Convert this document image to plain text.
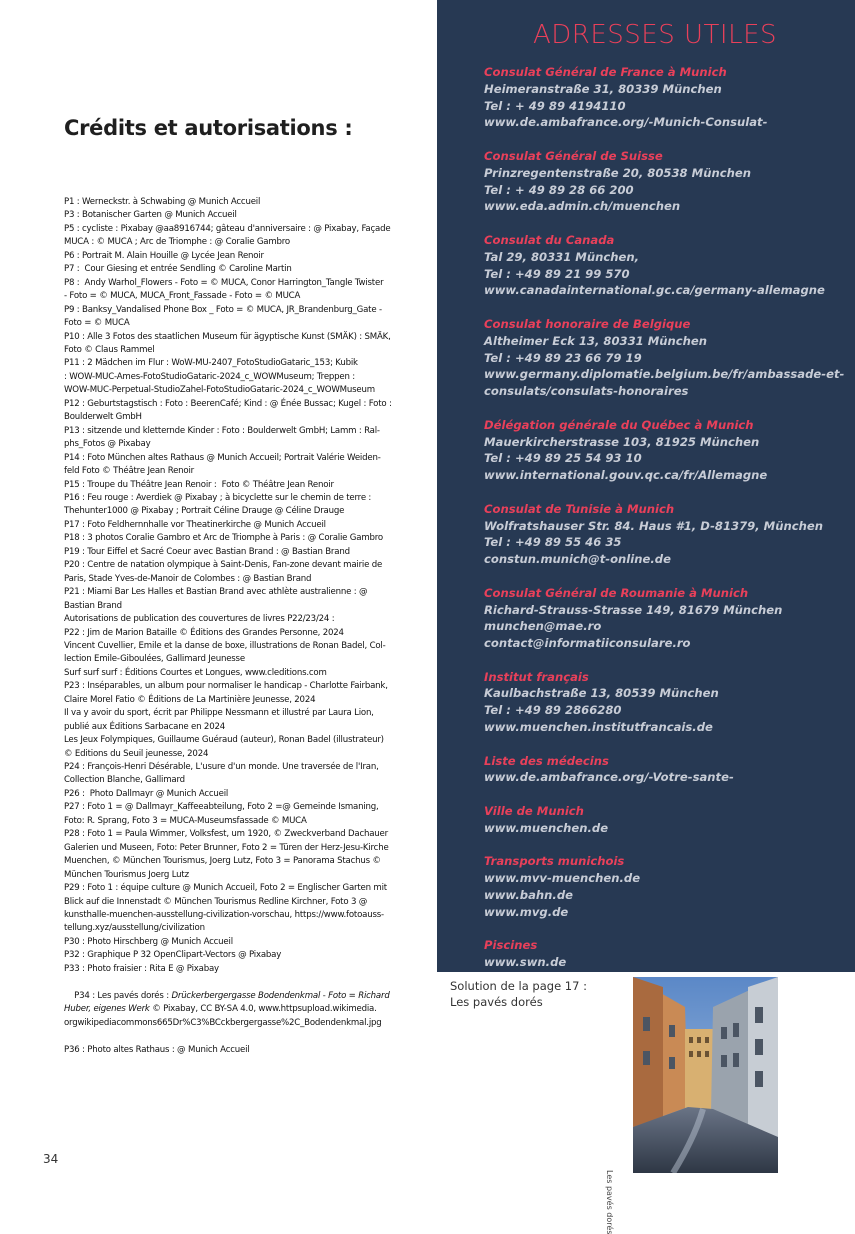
Crédits et autorisations :
P1 : Werneckstr. à Schwabing @ Munich Accueil
P3 : Botanischer Garten @ Munich Accueil
P5 : cycliste : Pixabay @aa8916744; gâteau d'anniversaire : @ Pixabay, Façade
MUCA : © MUCA ; Arc de Triomphe : @ Coralie Gambro
P6 : Portrait M. Alain Houille @ Lycée Jean Renoir
P7 :  Cour Giesing et entrée Sendling © Caroline Martin
P8 :  Andy Warhol_Flowers - Foto = © MUCA, Conor Harrington_Tangle Twister
- Foto = © MUCA, MUCA_Front_Fassade - Foto = © MUCA
P9 : Banksy_Vandalised Phone Box _ Foto = © MUCA, JR_Brandenburg_Gate -
Foto = © MUCA
P10 : Alle 3 Fotos des staatlichen Museum für ägyptische Kunst (SMÄK) : SMÄK,
Foto © Claus Rammel
P11 : 2 Mädchen im Flur : WoW-MU-2407_FotoStudioGataric_153; Kubik
: WOW-MUC-Ames-FotoStudioGataric-2024_c_WOWMuseum; Treppen :
WOW-MUC-Perpetual-StudioZahel-FotoStudioGataric-2024_c_WOWMuseum
P12 : Geburtstagstisch : Foto : BeerenCafé; Kind : @ Énée Bussac; Kugel : Foto :
Boulderwelt GmbH
P13 : sitzende und kletternde Kinder : Foto : Boulderwelt GmbH; Lamm : Ral-
phs_Fotos @ Pixabay
P14 : Foto München altes Rathaus @ Munich Accueil; Portrait Valérie Weiden-
feld Foto © Théâtre Jean Renoir
P15 : Troupe du Théâtre Jean Renoir :  Foto © Théâtre Jean Renoir
P16 : Feu rouge : Averdiek @ Pixabay ; à bicyclette sur le chemin de terre :
Thehunter1000 @ Pixabay ; Portrait Céline Drauge @ Céline Drauge
P17 : Foto Feldhernnhalle vor Theatinerkirche @ Munich Accueil
P18 : 3 photos Coralie Gambro et Arc de Triomphe à Paris : @ Coralie Gambro
P19 : Tour Eiffel et Sacré Coeur avec Bastian Brand : @ Bastian Brand
P20 : Centre de natation olympique à Saint-Denis, Fan-zone devant mairie de
Paris, Stade Yves-de-Manoir de Colombes : @ Bastian Brand
P21 : Miami Bar Les Halles et Bastian Brand avec athlète australienne : @
Bastian Brand
Autorisations de publication des couvertures de livres P22/23/24 :
P22 : Jim de Marion Bataille © Éditions des Grandes Personne, 2024
Vincent Cuvellier, Emile et la danse de boxe, illustrations de Ronan Badel, Col-
lection Emile-Giboulées, Gallimard Jeunesse
Surf surf surf : Éditions Courtes et Longues, www.cleditions.com
P23 : Inséparables, un album pour normaliser le handicap - Charlotte Fairbank,
Claire Morel Fatio © Éditions de La Martinière Jeunesse, 2024
Il va y avoir du sport, écrit par Philippe Nessmann et illustré par Laura Lion,
publié aux Éditions Sarbacane en 2024
Les Jeux Folympiques, Guillaume Guéraud (auteur), Ronan Badel (illustrateur)
© Editions du Seuil jeunesse, 2024
P24 : François-Henri Désérable, L'usure d'un monde. Une traversée de l'Iran,
Collection Blanche, Gallimard
P26 :  Photo Dallmayr @ Munich Accueil
P27 : Foto 1 = @ Dallmayr_Kaffeeabteilung, Foto 2 =@ Gemeinde Ismaning,
Foto: R. Sprang, Foto 3 = MUCA-Museumsfassade © MUCA
P28 : Foto 1 = Paula Wimmer, Volksfest, um 1920, © Zweckverband Dachauer
Galerien und Museen, Foto: Peter Brunner, Foto 2 = Türen der Herz-Jesu-Kirche
Muenchen, © München Tourismus, Joerg Lutz, Foto 3 = Panorama Stachus ©
München Tourismus Joerg Lutz
P29 : Foto 1 : équipe culture @ Munich Accueil, Foto 2 = Englischer Garten mit
Blick auf die Innenstadt © München Tourismus Redline Kirchner, Foto 3 @
kunsthalle-muenchen-ausstellung-civilization-vorschau, https://www.fotoauss-
tellung.xyz/ausstellung/civilization
P30 : Photo Hirschberg @ Munich Accueil
P32 : Graphique P 32 OpenClipart-Vectors @ Pixabay
P33 : Photo fraisier : Rita E @ Pixabay

P34 : Les pavés dorés : Drückerbergergasse Bodendenkmal - Foto = Richard
Huber, eigenes Werk © Pixabay, CC BY-SA 4.0, www.httpsupload.wikimedia.
orgwikipediacommons665Dr%C3%BCckbergergasse%2C_Bodendenkmal.jpg

P36 : Photo altes Rathaus : @ Munich Accueil
34
ADRESSES UTILES
Consulat Général de France à Munich
Heimeranstraße 31, 80339 München
Tel : + 49 89 4194110
www.de.ambafrance.org/-Munich-Consulat-
Consulat Général de Suisse
Prinzregentenstraße 20, 80538 München
Tel : + 49 89 28 66 200
www.eda.admin.ch/muenchen
Consulat du Canada
Tal 29, 80331 München,
Tel : +49 89 21 99 570
www.canadainternational.gc.ca/germany-allemagne
Consulat honoraire de Belgique
Altheimer Eck 13, 80331 München
Tel : +49 89 23 66 79 19
www.germany.diplomatie.belgium.be/fr/ambassade-et-
consulats/consulats-honoraires
Délégation générale du Québec à Munich
Mauerkircherstrasse 103, 81925 München
Tel : +49 89 25 54 93 10
www.international.gouv.qc.ca/fr/Allemagne
Consulat de Tunisie à Munich
Wolfratshauser Str. 84. Haus #1, D-81379, München
Tel : +49 89 55 46 35
constun.munich@t-online.de
Consulat Général de Roumanie à Munich
Richard-Strauss-Strasse 149, 81679 München
munchen@mae.ro
contact@informatiiconsulare.ro
Institut français
Kaulbachstraße 13, 80539 München
Tel : +49 89 2866280
www.muenchen.institutfrancais.de
Liste des médecins
www.de.ambafrance.org/-Votre-sante-
Ville de Munich
www.muenchen.de
Transports munichois
www.mvv-muenchen.de
www.bahn.de
www.mvg.de
Piscines
www.swn.de
Solution de la page 17 :
Les pavés dorés
Les pavés dorés
